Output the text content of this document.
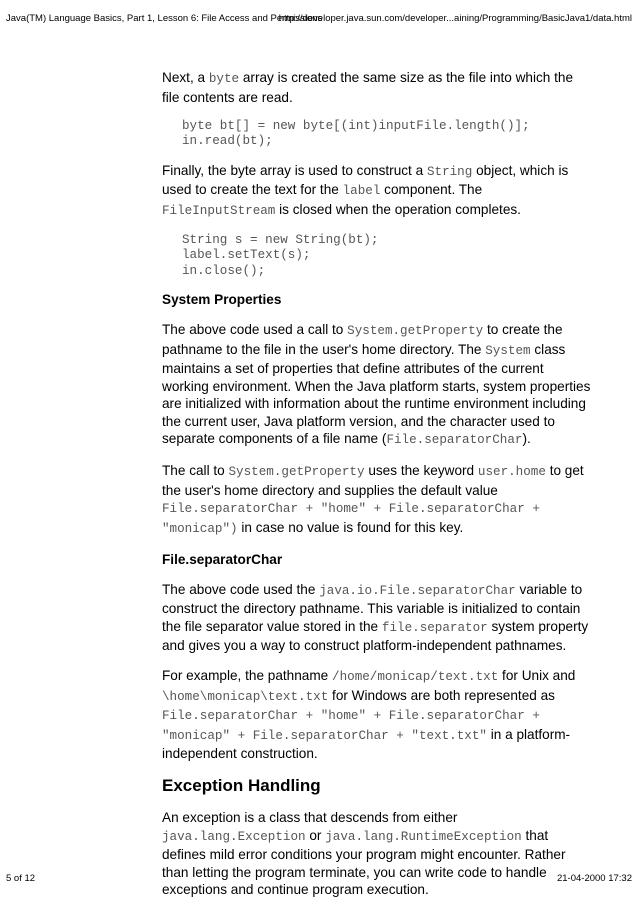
Java(TM) Language Basics, Part 1, Lesson 6: File Access and Permissions
http://developer.java.sun.com/developer...aining/Programming/BasicJava1/data.html

Next, a byte array is created the same size as the file into which the file contents are read.

byte bt[] = new byte[(int)inputFile.length()];
in.read(bt);

Finally, the byte array is used to construct a String object, which is used to create the text for the label component. The FileInputStream is closed when the operation completes.

String s = new String(bt);
label.setText(s);
in.close();
System Properties

The above code used a call to System.getProperty to create the pathname to the file in the user's home directory. The System class maintains a set of properties that define attributes of the current working environment. When the Java platform starts, system properties are initialized with information about the runtime environment including the current user, Java platform version, and the character used to separate components of a file name (File.separatorChar).

The call to System.getProperty uses the keyword user.home to get the user's home directory and supplies the default value File.separatorChar + "home" + File.separatorChar + "monicap") in case no value is found for this key.

File.separatorChar

The above code used the java.io.File.separatorChar variable to construct the directory pathname. This variable is initialized to contain the file separator value stored in the file.separator system property and gives you a way to construct platform-independent pathnames.

For example, the pathname /home/monicap/text.txt for Unix and \home\monicap\text.txt for Windows are both represented as File.separatorChar + "home" + File.separatorChar + "monicap" + File.separatorChar + "text.txt" in a platform-independent construction.

Exception Handling

An exception is a class that descends from either java.lang.Exception or java.lang.RuntimeException that defines mild error conditions your program might encounter. Rather than letting the program terminate, you can write code to handle exceptions and continue program execution.

5 of 12	21-04-2000 17:32
